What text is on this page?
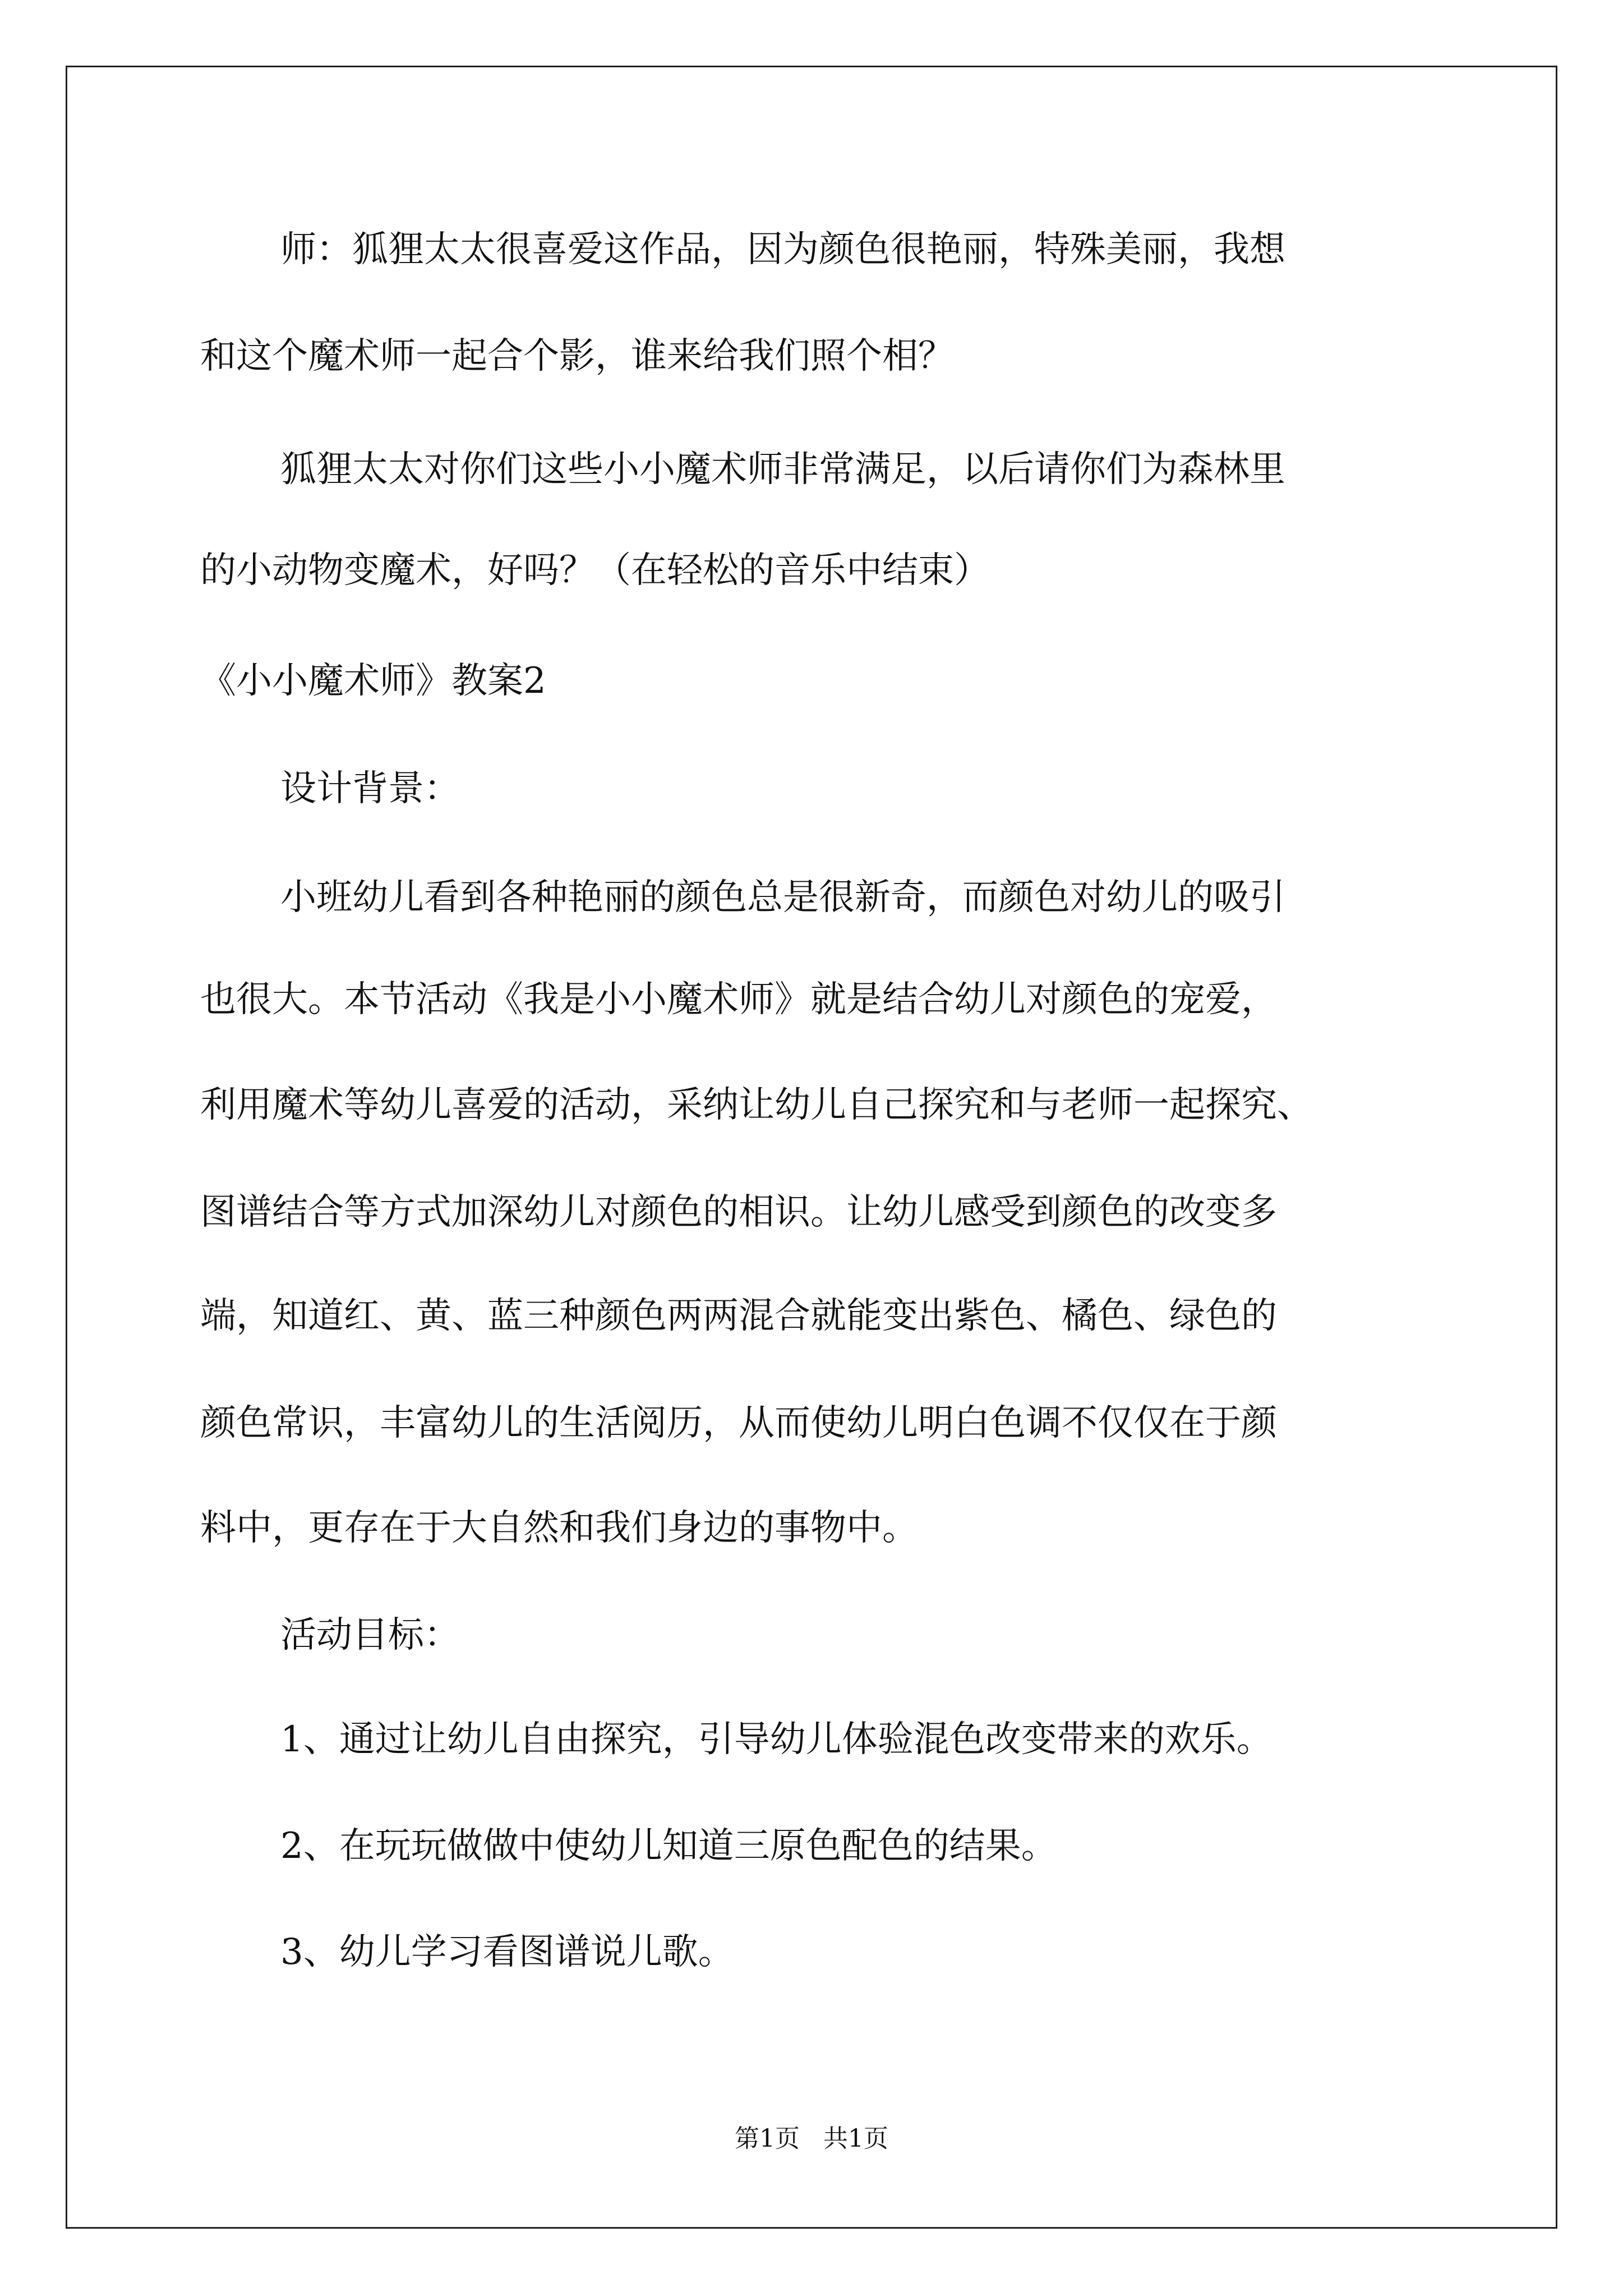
师：狐狸太太很喜爱这作品，因为颜色很艳丽，特殊美丽，我想
和这个魔术师一起合个影，谁来给我们照个相？
狐狸太太对你们这些小小魔术师非常满足，以后请你们为森林里
的小动物变魔术，好吗？（在轻松的音乐中结束）
《小小魔术师》教案2
设计背景：
小班幼儿看到各种艳丽的颜色总是很新奇，而颜色对幼儿的吸引
也很大。本节活动《我是小小魔术师》就是结合幼儿对颜色的宠爱，
利用魔术等幼儿喜爱的活动，采纳让幼儿自己探究和与老师一起探究、
图谱结合等方式加深幼儿对颜色的相识。让幼儿感受到颜色的改变多
端，知道红、黄、蓝三种颜色两两混合就能变出紫色、橘色、绿色的
颜色常识，丰富幼儿的生活阅历，从而使幼儿明白色调不仅仅在于颜
料中，更存在于大自然和我们身边的事物中。
活动目标：
1、通过让幼儿自由探究，引导幼儿体验混色改变带来的欢乐。
2、在玩玩做做中使幼儿知道三原色配色的结果。
3、幼儿学习看图谱说儿歌。
第1页   共1页
